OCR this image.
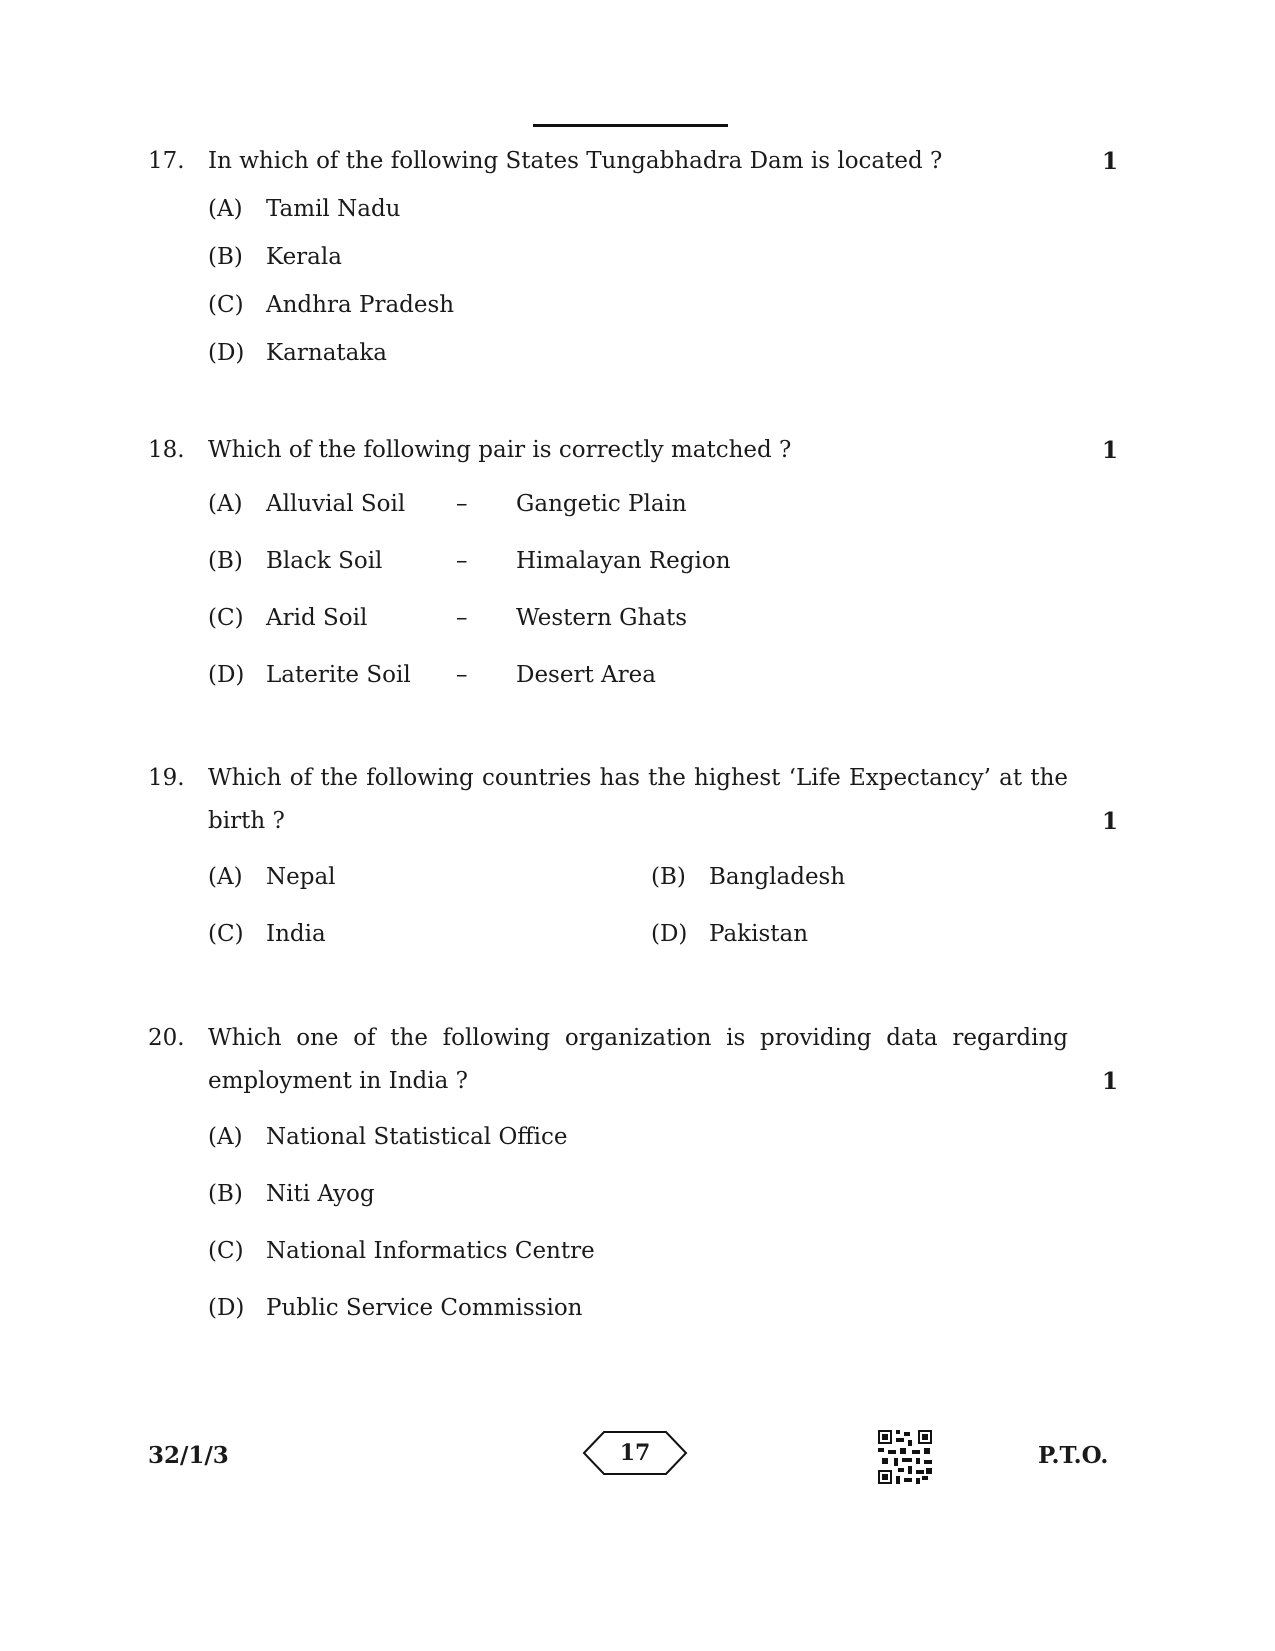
17. In which of the following States Tungabhadra Dam is located ?	1
(A) Tamil Nadu
(B) Kerala
(C) Andhra Pradesh
(D) Karnataka
18. Which of the following pair is correctly matched ?	1
(A) Alluvial Soil – Gangetic Plain
(B) Black Soil	– Himalayan Region
(C) Arid Soil	– Western Ghats
(D) Laterite Soil – Desert Area
19. Which of the following countries has the highest ‘Life Expectancy’ at the
birth ?	1
(A) Nepal	(B) Bangladesh
(C) India	(D) Pakistan
20. Which one of the following organization is providing data regarding
employment in India ?	1
(A) National Statistical Office
(B) Niti Ayog
(C) National Informatics Centre
(D) Public Service Commission
32/1/3	17	P.T.O.
